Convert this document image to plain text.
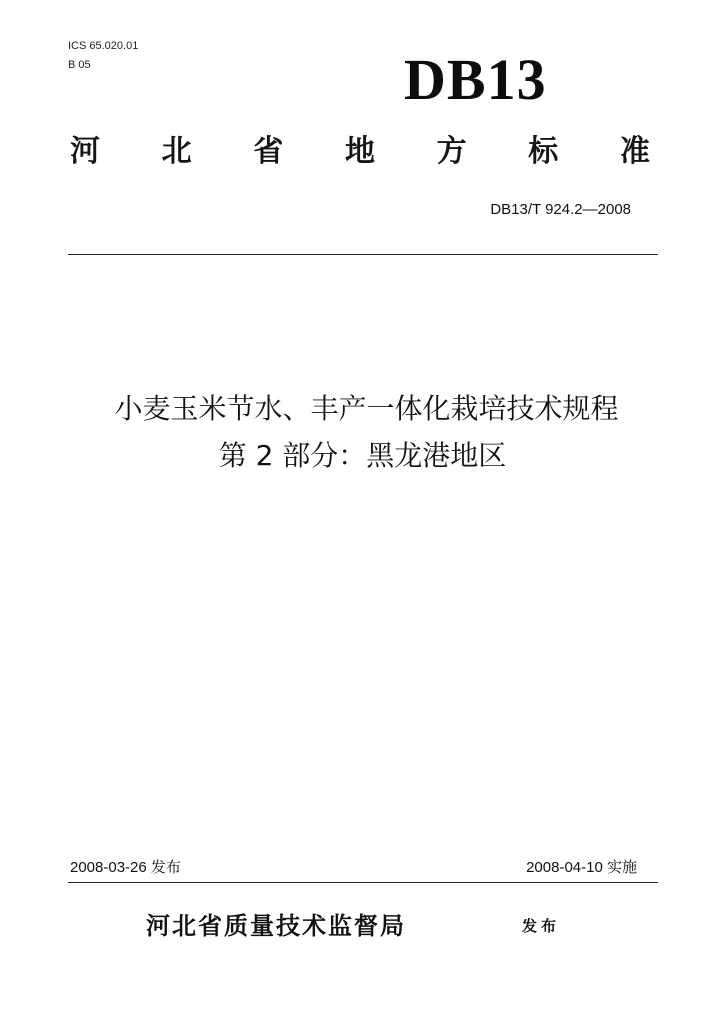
ICS 65.020.01
B 05	DB13
河 北 省 地 方 标 准
DB13/T 924.2—2008
小麦玉米节水、丰产一体化栽培技术规程
第 2 部分：黑龙港地区
2008-03-26 发布	2008-04-10 实施
河北省质量技术监督局	发布
